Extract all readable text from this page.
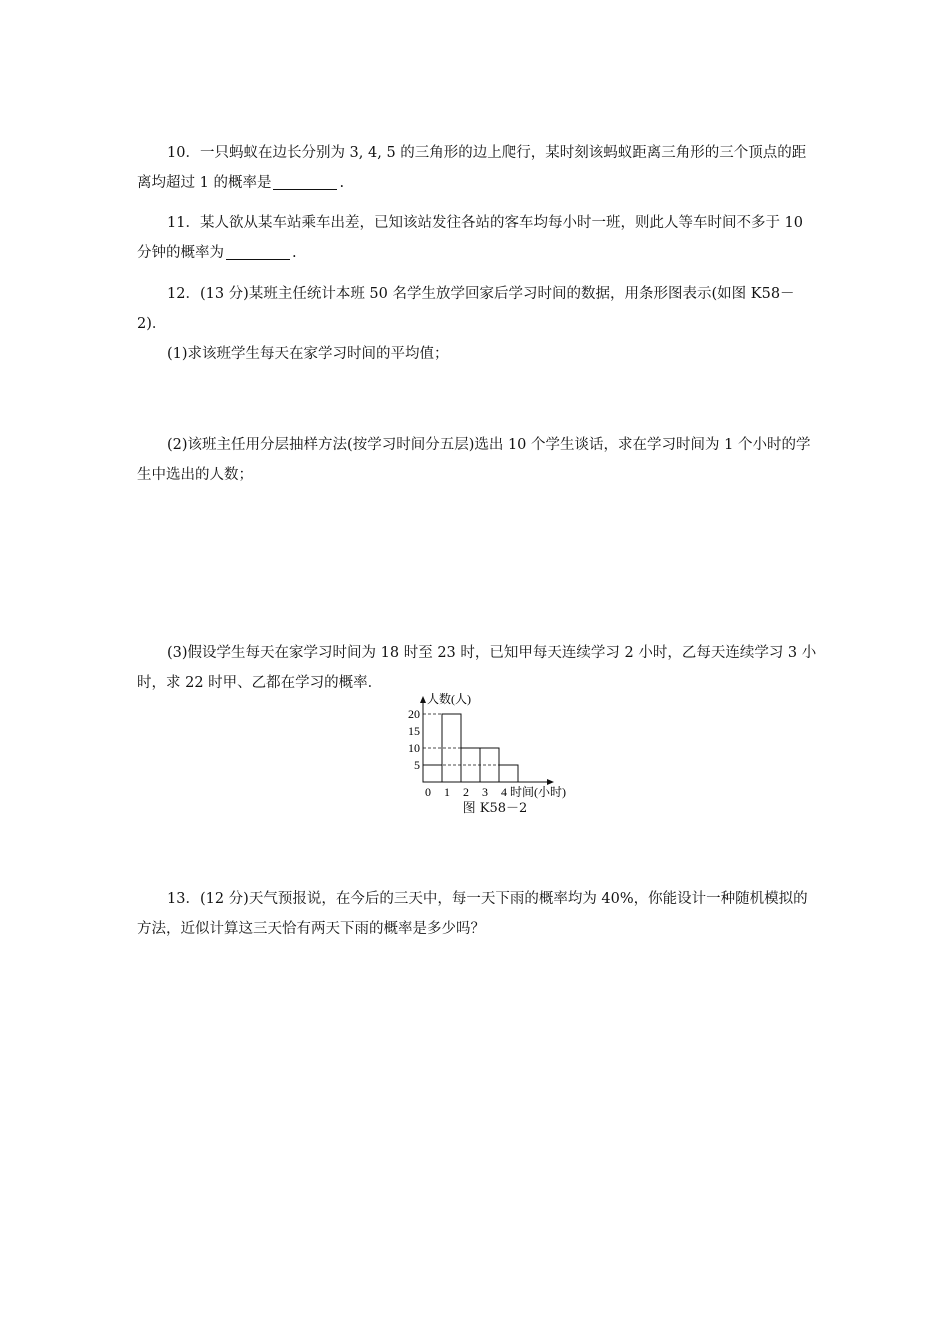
10．一只蚂蚁在边长分别为 3, 4, 5 的三角形的边上爬行，某时刻该蚂蚁距离三角形的三个顶点的距离均超过 1 的概率是	.

11．某人欲从某车站乘车出差，已知该站发往各站的客车均每小时一班，则此人等车时间不多于 10 分钟的概率为	.

12．(13 分)某班主任统计本班 50 名学生放学回家后学习时间的数据，用条形图表示(如图 K58－2)．

(1)求该班学生每天在家学习时间的平均值；

(2)该班主任用分层抽样方法(按学习时间分五层)选出 10 个学生谈话，求在学习时间为 1 个小时的学生中选出的人数；

(3)假设学生每天在家学习时间为 18 时至 23 时，已知甲每天连续学习 2 小时，乙每天连续学习 3 小时，求 22 时甲、乙都在学习的概率．

5
10
15
20
0 1 2 3 4
人数(人)
时间(小时)
图 K58－2

13．(12 分)天气预报说，在今后的三天中，每一天下雨的概率均为 40%，你能设计一种随机模拟的方法，近似计算这三天恰有两天下雨的概率是多少吗？
